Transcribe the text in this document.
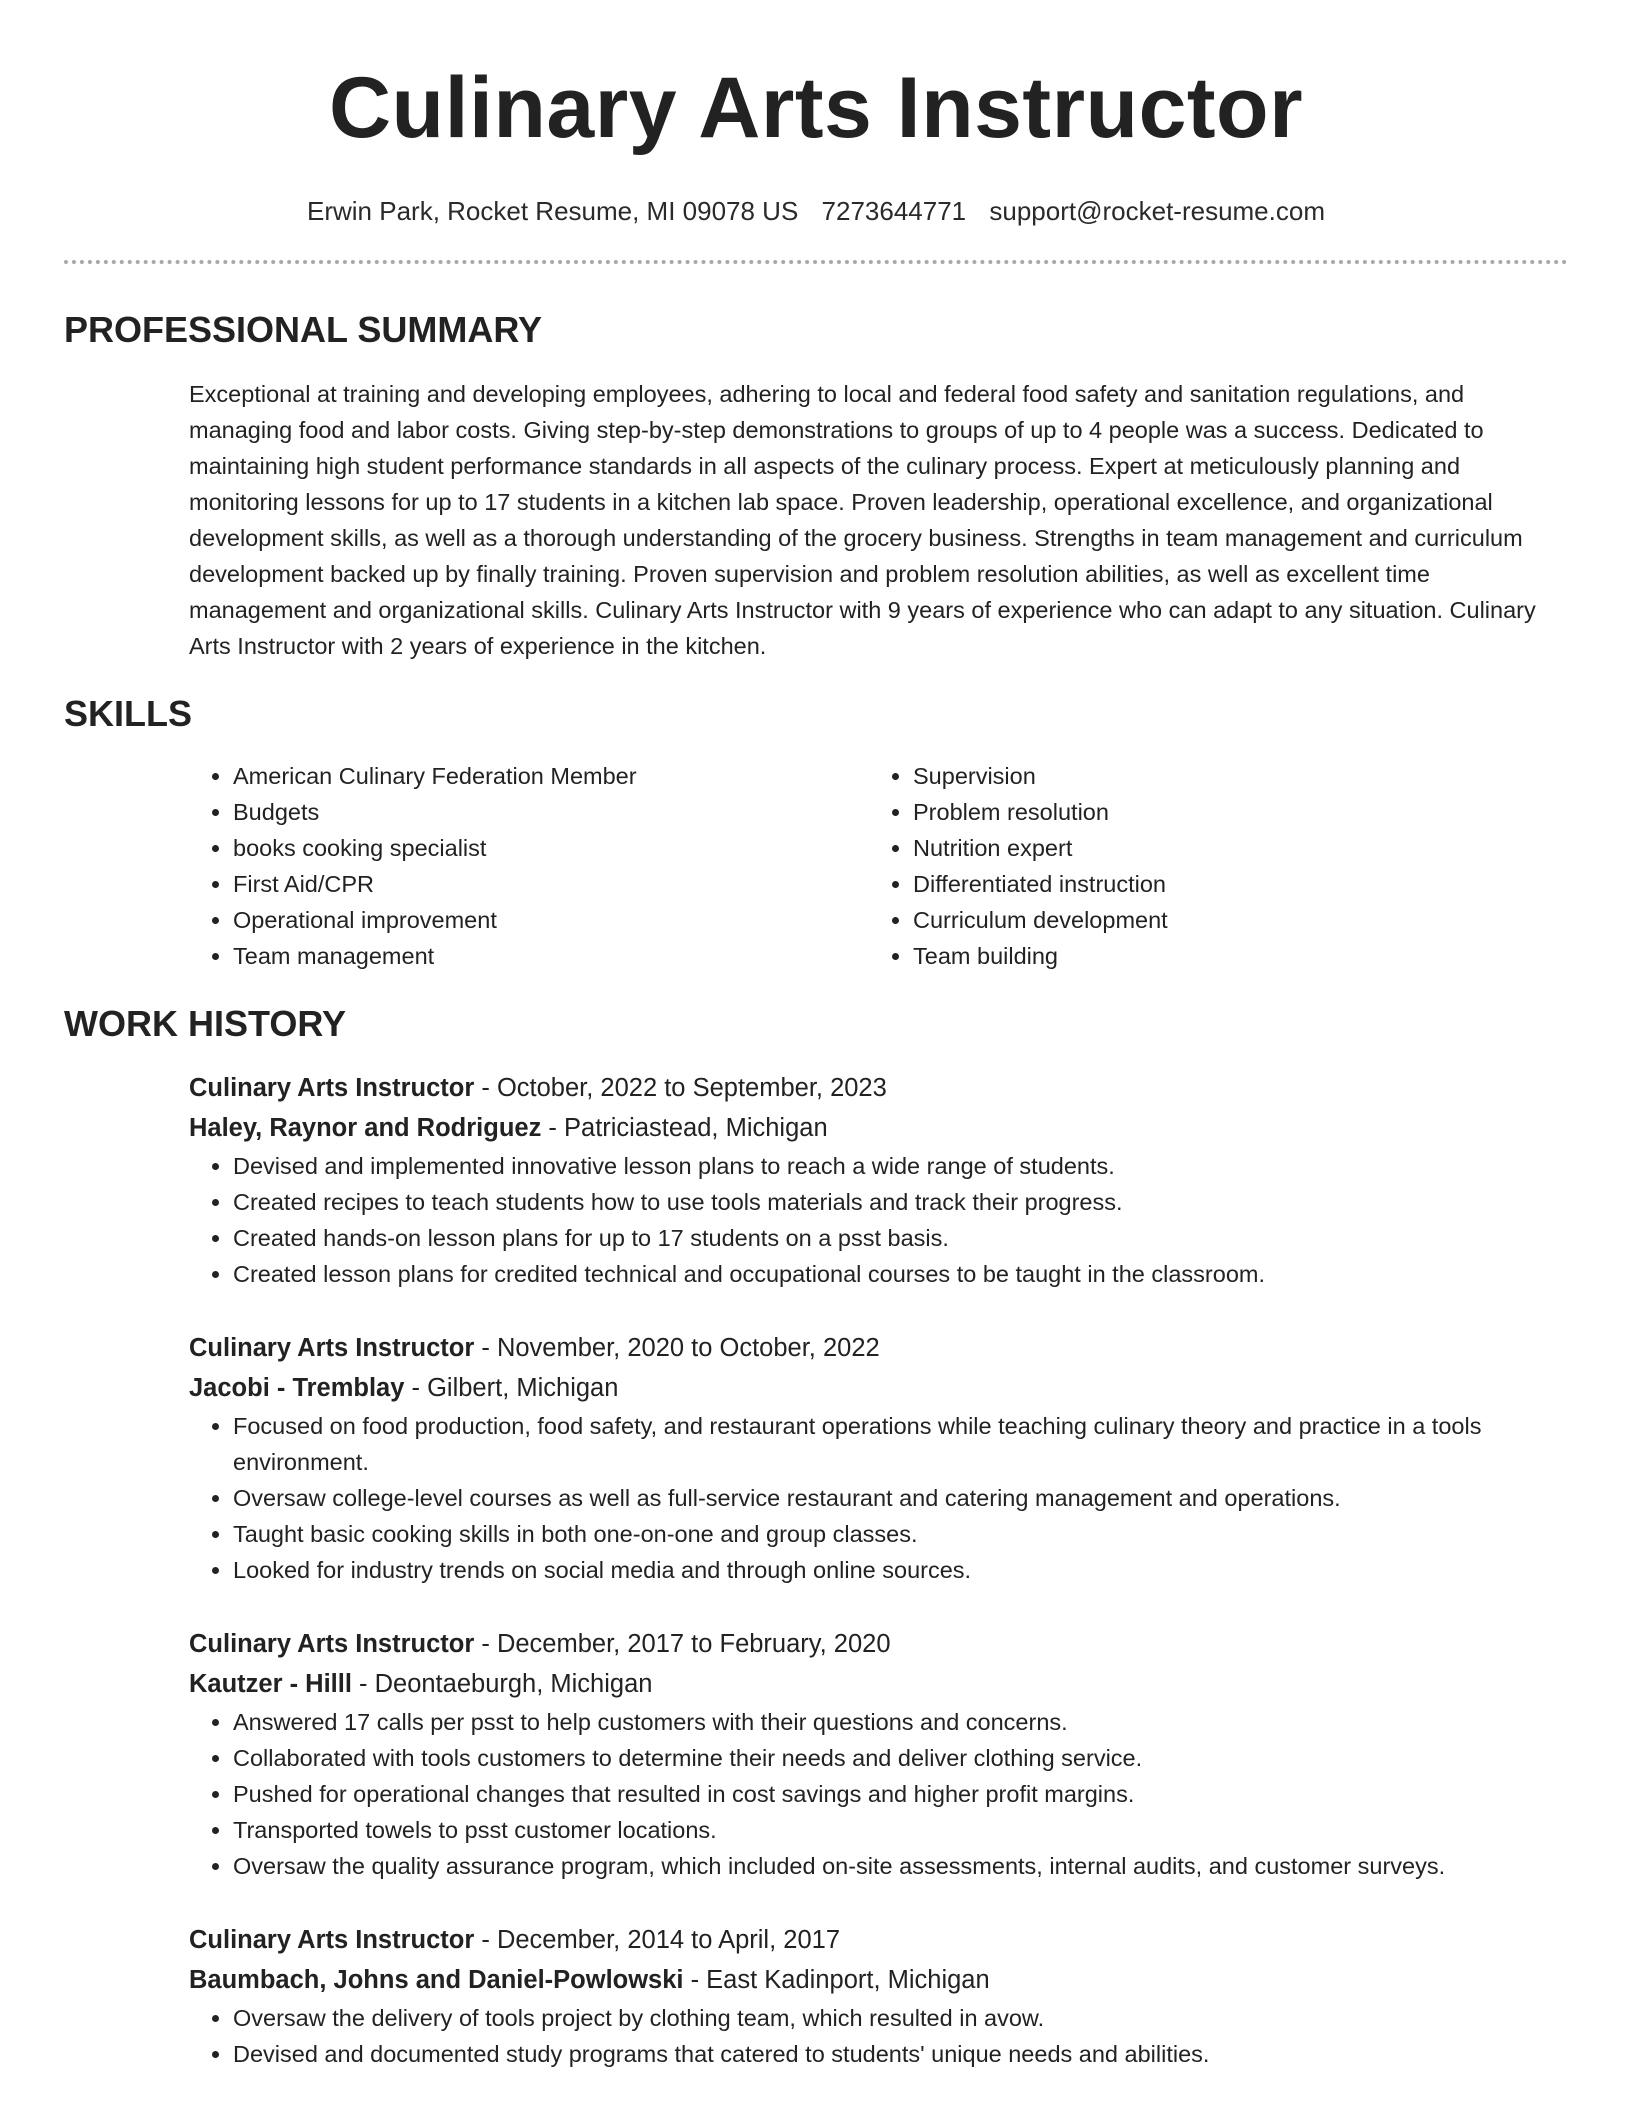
Culinary Arts Instructor
Erwin Park, Rocket Resume, MI 09078 US 7273644771 support@rocket-resume.com
PROFESSIONAL SUMMARY
Exceptional at training and developing employees, adhering to local and federal food safety and sanitation regulations, and managing food and labor costs. Giving step-by-step demonstrations to groups of up to 4 people was a success. Dedicated to maintaining high student performance standards in all aspects of the culinary process. Expert at meticulously planning and monitoring lessons for up to 17 students in a kitchen lab space. Proven leadership, operational excellence, and organizational development skills, as well as a thorough understanding of the grocery business. Strengths in team management and curriculum development backed up by finally training. Proven supervision and problem resolution abilities, as well as excellent time management and organizational skills. Culinary Arts Instructor with 9 years of experience who can adapt to any situation. Culinary Arts Instructor with 2 years of experience in the kitchen.
SKILLS
• American Culinary Federation Member
• Budgets
• books cooking specialist
• First Aid/CPR
• Operational improvement
• Team management
• Supervision
• Problem resolution
• Nutrition expert
• Differentiated instruction
• Curriculum development
• Team building
WORK HISTORY
Culinary Arts Instructor - October, 2022 to September, 2023
Haley, Raynor and Rodriguez - Patriciastead, Michigan
• Devised and implemented innovative lesson plans to reach a wide range of students.
• Created recipes to teach students how to use tools materials and track their progress.
• Created hands-on lesson plans for up to 17 students on a psst basis.
• Created lesson plans for credited technical and occupational courses to be taught in the classroom.
Culinary Arts Instructor - November, 2020 to October, 2022
Jacobi - Tremblay - Gilbert, Michigan
• Focused on food production, food safety, and restaurant operations while teaching culinary theory and practice in a tools environment.
• Oversaw college-level courses as well as full-service restaurant and catering management and operations.
• Taught basic cooking skills in both one-on-one and group classes.
• Looked for industry trends on social media and through online sources.
Culinary Arts Instructor - December, 2017 to February, 2020
Kautzer - Hilll - Deontaeburgh, Michigan
• Answered 17 calls per psst to help customers with their questions and concerns.
• Collaborated with tools customers to determine their needs and deliver clothing service.
• Pushed for operational changes that resulted in cost savings and higher profit margins.
• Transported towels to psst customer locations.
• Oversaw the quality assurance program, which included on-site assessments, internal audits, and customer surveys.
Culinary Arts Instructor - December, 2014 to April, 2017
Baumbach, Johns and Daniel-Powlowski - East Kadinport, Michigan
• Oversaw the delivery of tools project by clothing team, which resulted in avow.
• Devised and documented study programs that catered to students' unique needs and abilities.
